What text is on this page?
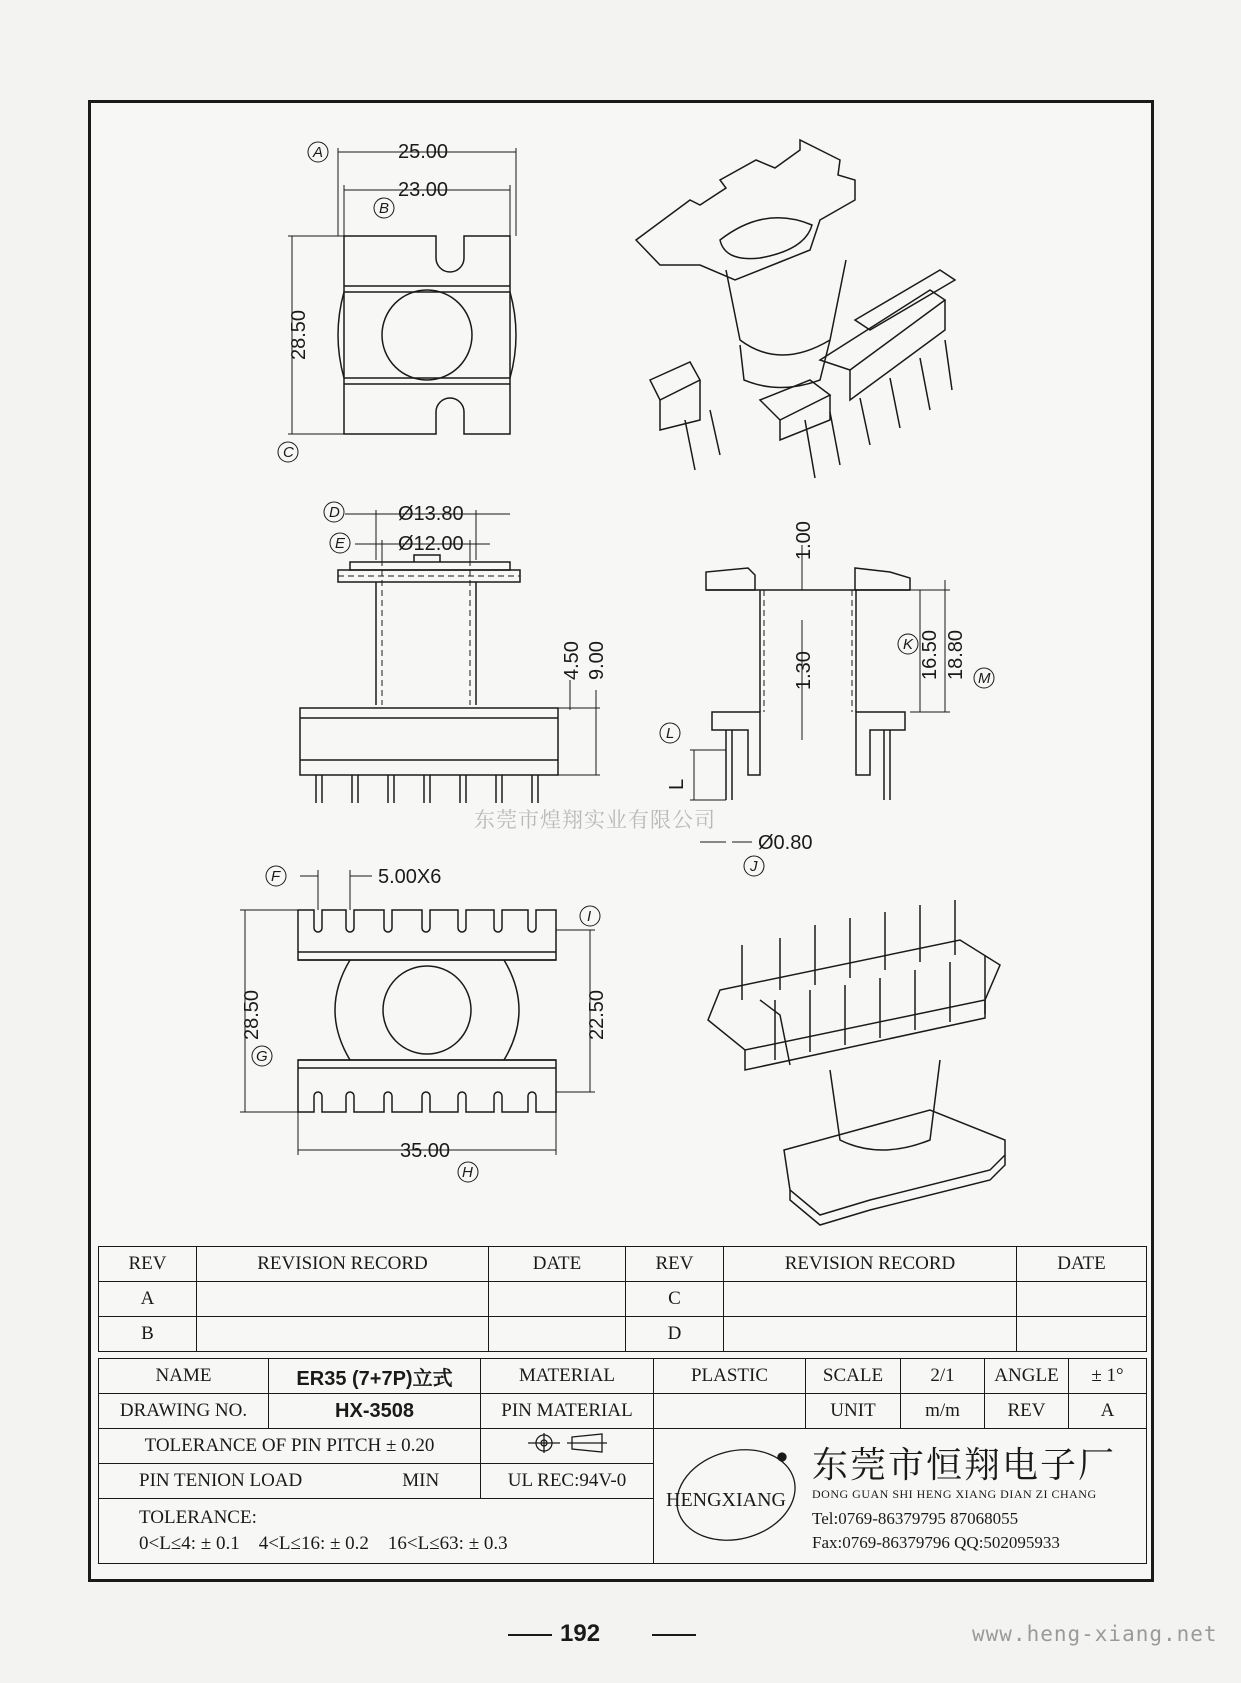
25.00
23.00
28.50
A
B
C
Ø13.80
Ø12.00
4.50 9.00
D
E	1.00
1.30	16.50 18.80
L
Ø0.80
K
M
L
J
5.00X6
28.50	22.50
35.00
F
I
G
H
东莞市煌翔实业有限公司
REV	REVISION RECORD	DATE	REV	REVISION RECORD	DATE
A			C		
B			D		
NAME	ER35 (7+7P)立式	MATERIAL	PLASTIC	SCALE	2/1	ANGLE	± 1°
DRAWING NO.	HX-3508	PIN MATERIAL		UNIT	m/m	REV	A
TOLERANCE OF PIN PITCH ± 0.20			HENGXIANG
东莞市恒翔电子厂
DONG GUAN SHI HENG XIANG DIAN ZI CHANG
Tel:0769-86379795 87068055
Fax:0769-86379796 QQ:502095933				

PIN TENION LOAD MIN		UL REC:94V-0					

TOLERANCE:
0<L≤4: ± 0.1    4<L≤16: ± 0.2    16<L≤63: ± 0.3							
192	www.heng-xiang.net
